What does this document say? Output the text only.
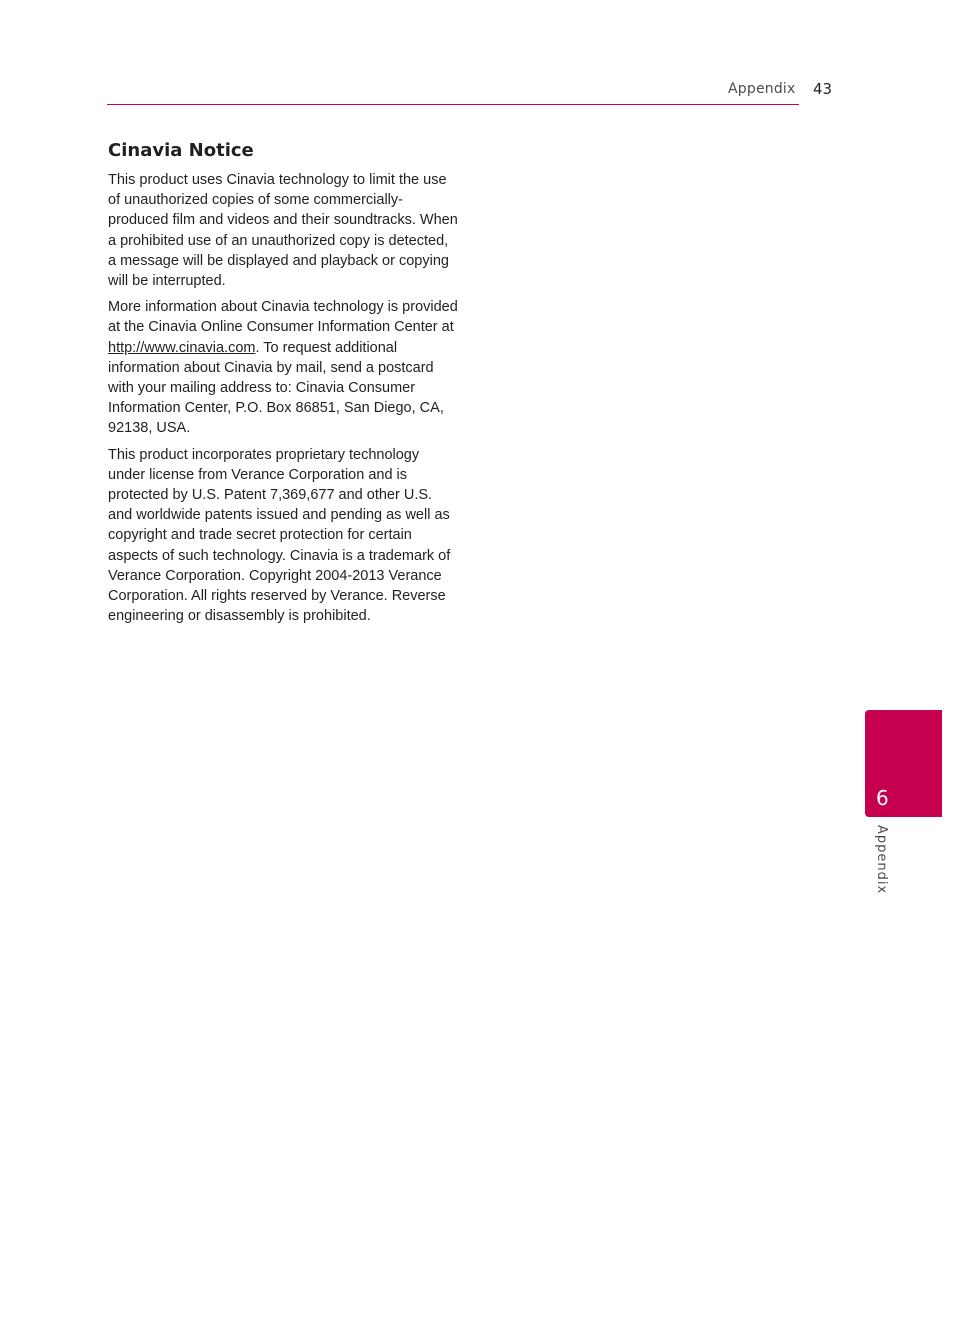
Appendix 43
Cinavia Notice

This product uses Cinavia technology to limit the use of unauthorized copies of some commercially-produced film and videos and their soundtracks. When a prohibited use of an unauthorized copy is detected, a message will be displayed and playback or copying will be interrupted.

More information about Cinavia technology is provided at the Cinavia Online Consumer Information Center at http://www.cinavia.com. To request additional information about Cinavia by mail, send a postcard with your mailing address to: Cinavia Consumer Information Center, P.O. Box 86851, San Diego, CA, 92138, USA.

This product incorporates proprietary technology under license from Verance Corporation and is protected by U.S. Patent 7,369,677 and other U.S. and worldwide patents issued and pending as well as copyright and trade secret protection for certain aspects of such technology. Cinavia is a trademark of Verance Corporation. Copyright 2004-2013 Verance Corporation. All rights reserved by Verance. Reverse engineering or disassembly is prohibited.

6
Appendix
